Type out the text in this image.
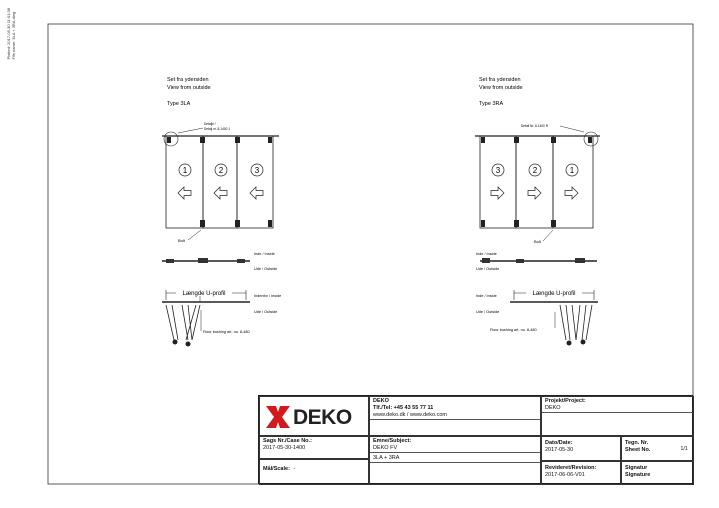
Plotted: 2017-05-30 11:01:38 File name: 3LA + 3RA.dwg
Set fra ydersiden
View from outside
Type 3LA
Detalje /
Detalj nr. 8-1400 1
1	2	3
Bolt
Inde / Inside
Ude / Outside
Længde U-profil	Indenfor / Inside
Ude / Outside
Floor bushing art. no. 8-480
Set fra ydersiden
View from outside
Type 3RA
Detail Nr. 8-1400 R
3	2	1
Bolt
Inde / Inside
Ude / Outside
Længde U-profil
Inde / Inside
Ude / Outside
Floor bushing art. no. 8-480
DEKO
DEKO
Tlf./Tel: +45 43 55 77 11
www.deko.dk / www.deko.com
Projekt/Project:
DEKO
Sags Nr./Case No.:
2017-05-30-1400
Emne/Subject:
DEKO FV
3LA + 3RA
Dato/Date:
2017-05-30
Tegn. Nr.
Sheet No.	1/1
Mål/Scale: -	Revideret/Revision:
2017-06-06-V01
Signatur
Signature
